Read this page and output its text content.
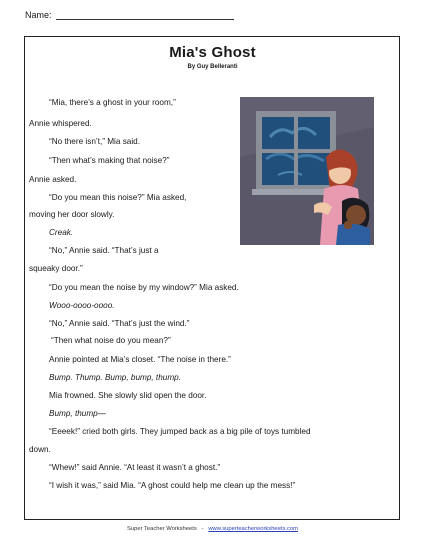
Name:
Mia's Ghost
By Guy Belleranti
“Mia, there’s a ghost in your room,”
Annie whispered.
“No there isn’t,” Mia said.
“Then what’s making that noise?”
Annie asked.
“Do you mean this noise?” Mia asked,
moving her door slowly.
Creak.
“No,” Annie said. “That’s just a
squeaky door.”
“Do you mean the noise by my window?” Mia asked.
Wooo-oooo-oooo.
“No,” Annie said. “That’s just the wind.”
“Then what noise do you mean?”
Annie pointed at Mia’s closet. “The noise in there.”
Bump. Thump. Bump, bump, thump.
Mia frowned. She slowly slid open the door.
Bump, thump—
“Eeeek!” cried both girls. They jumped back as a big pile of toys tumbled
down.
“Whew!” said Annie. “At least it wasn’t a ghost.”
“I wish it was,” said Mia. “A ghost could help me clean up the mess!”
Super Teacher Worksheets - www.superteacherworksheets.com
